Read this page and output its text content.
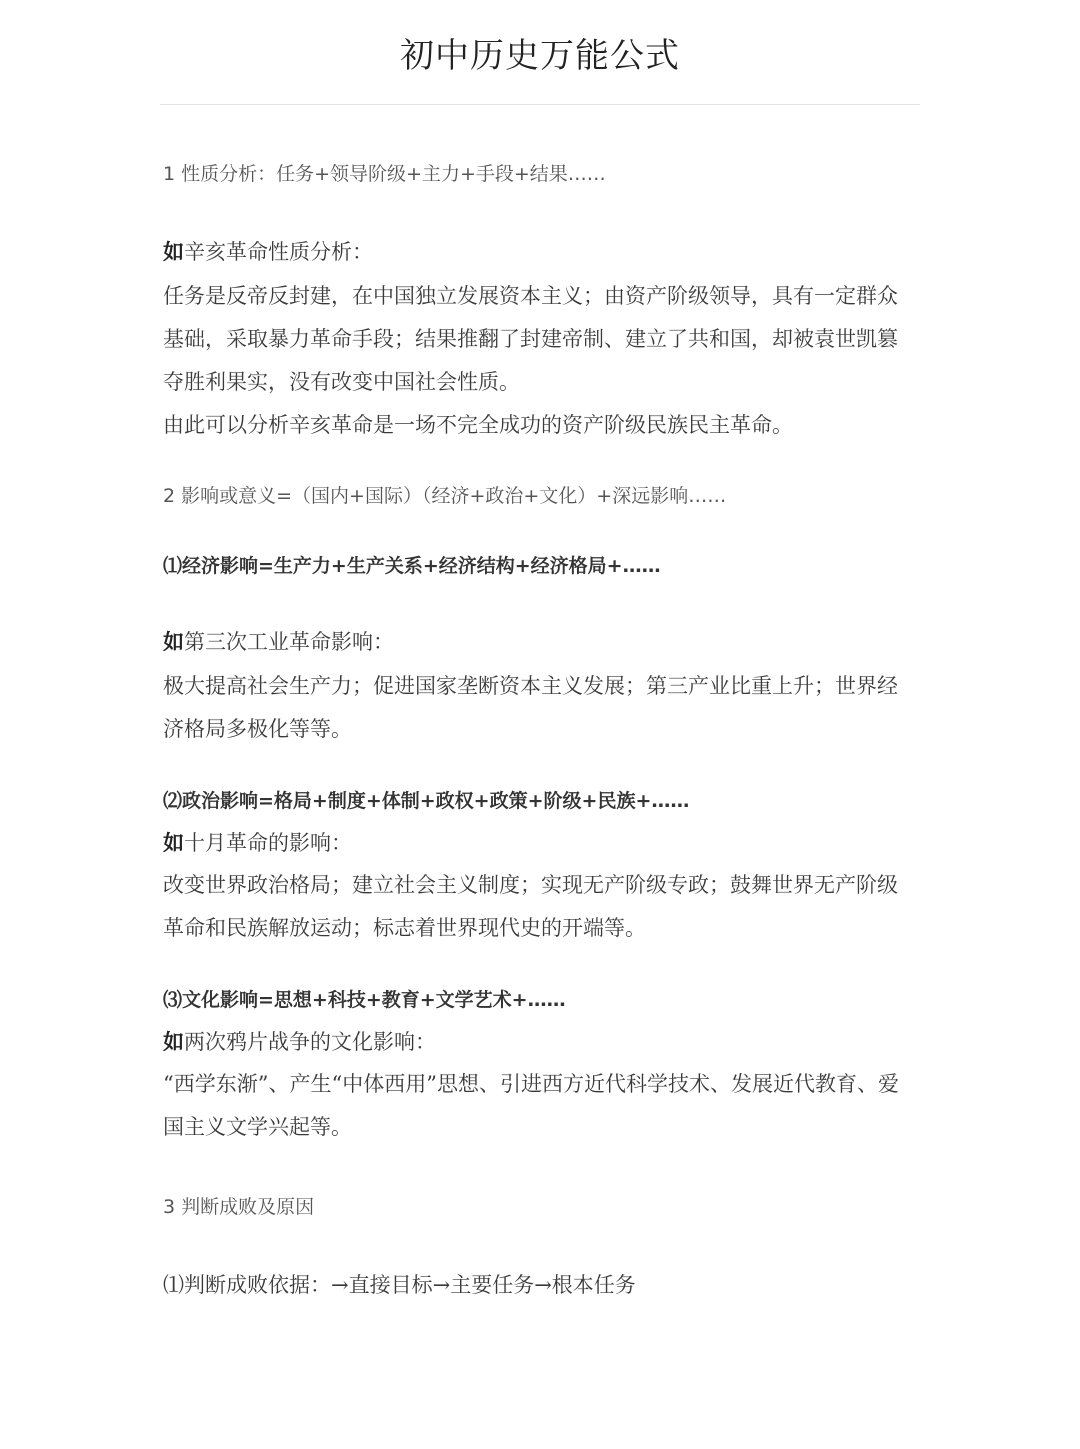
初中历史万能公式
1 性质分析：任务+领导阶级+主力+手段+结果……
如辛亥革命性质分析：
任务是反帝反封建，在中国独立发展资本主义；由资产阶级领导，具有一定群众
基础，采取暴力革命手段；结果推翻了封建帝制、建立了共和国，却被袁世凯篡
夺胜利果实，没有改变中国社会性质。
由此可以分析辛亥革命是一场不完全成功的资产阶级民族民主革命。
2 影响或意义=（国内+国际）（经济+政治+文化）+深远影响……
⑴经济影响=生产力+生产关系+经济结构+经济格局+……
如第三次工业革命影响：
极大提高社会生产力；促进国家垄断资本主义发展；第三产业比重上升；世界经
济格局多极化等等。
⑵政治影响=格局+制度+体制+政权+政策+阶级+民族+……
如十月革命的影响：
改变世界政治格局；建立社会主义制度；实现无产阶级专政；鼓舞世界无产阶级
革命和民族解放运动；标志着世界现代史的开端等。
⑶文化影响=思想+科技+教育+文学艺术+……
如两次鸦片战争的文化影响：
“西学东渐”、产生“中体西用”思想、引进西方近代科学技术、发展近代教育、爱
国主义文学兴起等。
3 判断成败及原因
⑴判断成败依据：→直接目标→主要任务→根本任务
